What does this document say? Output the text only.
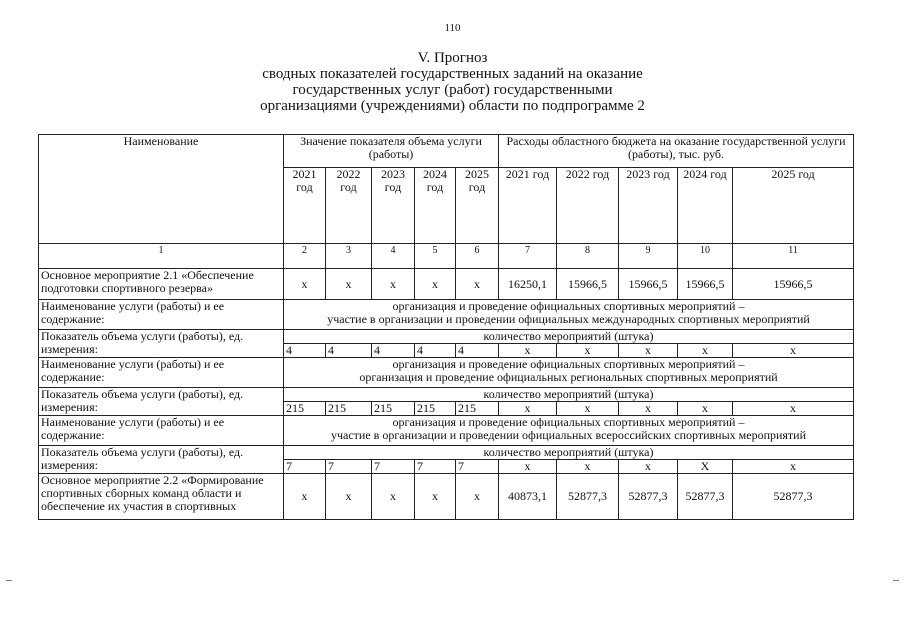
110
V. Прогноз
сводных показателей государственных заданий на оказание
государственных услуг (работ) государственными
организациями (учреждениями) области по подпрограмме 2
Наименование	Значение показателя объема услуги (работы)					Расходы областного бюджета на оказание государственной услуги (работы), тыс. руб.				
	2021 год	2022 год	2023 год	2024 год	2025 год	2021 год	2022 год	2023 год	2024 год	2025 год
1	2	3	4	5	6	7	8	9	10	11
Основное мероприятие 2.1 «Обеспечение подготовки спортивного резерва»	x	x	x	x	x	16250,1	15966,5	15966,5	15966,5	15966,5
Наименование услуги (работы) и ее содержание:	организация и проведение официальных спортивных мероприятий –
участие в организации и проведении официальных международных спортивных мероприятий									

Показатель объема услуги (работы), ед. измерения:	количество мероприятий (штука)									
	4	4	4	4	4	x	x	x	x	x
Наименование услуги (работы) и ее содержание:	организация и проведение официальных спортивных мероприятий –
организация и проведение официальных региональных спортивных мероприятий									

Показатель объема услуги (работы), ед. измерения:	количество мероприятий (штука)									
	215	215	215	215	215	x	x	x	x	x
Наименование услуги (работы) и ее содержание:	организация и проведение официальных спортивных мероприятий –
участие в организации и проведении официальных всероссийских спортивных мероприятий									

Показатель объема услуги (работы), ед. измерения:	количество мероприятий (штука)									
	7	7	7	7	7	x	x	x	X	x
Основное мероприятие 2.2 «Формирование спортивных сборных команд области и обеспечение их участия в спортивных	x	x	x	x	x	40873,1	52877,3	52877,3	52877,3	52877,3
